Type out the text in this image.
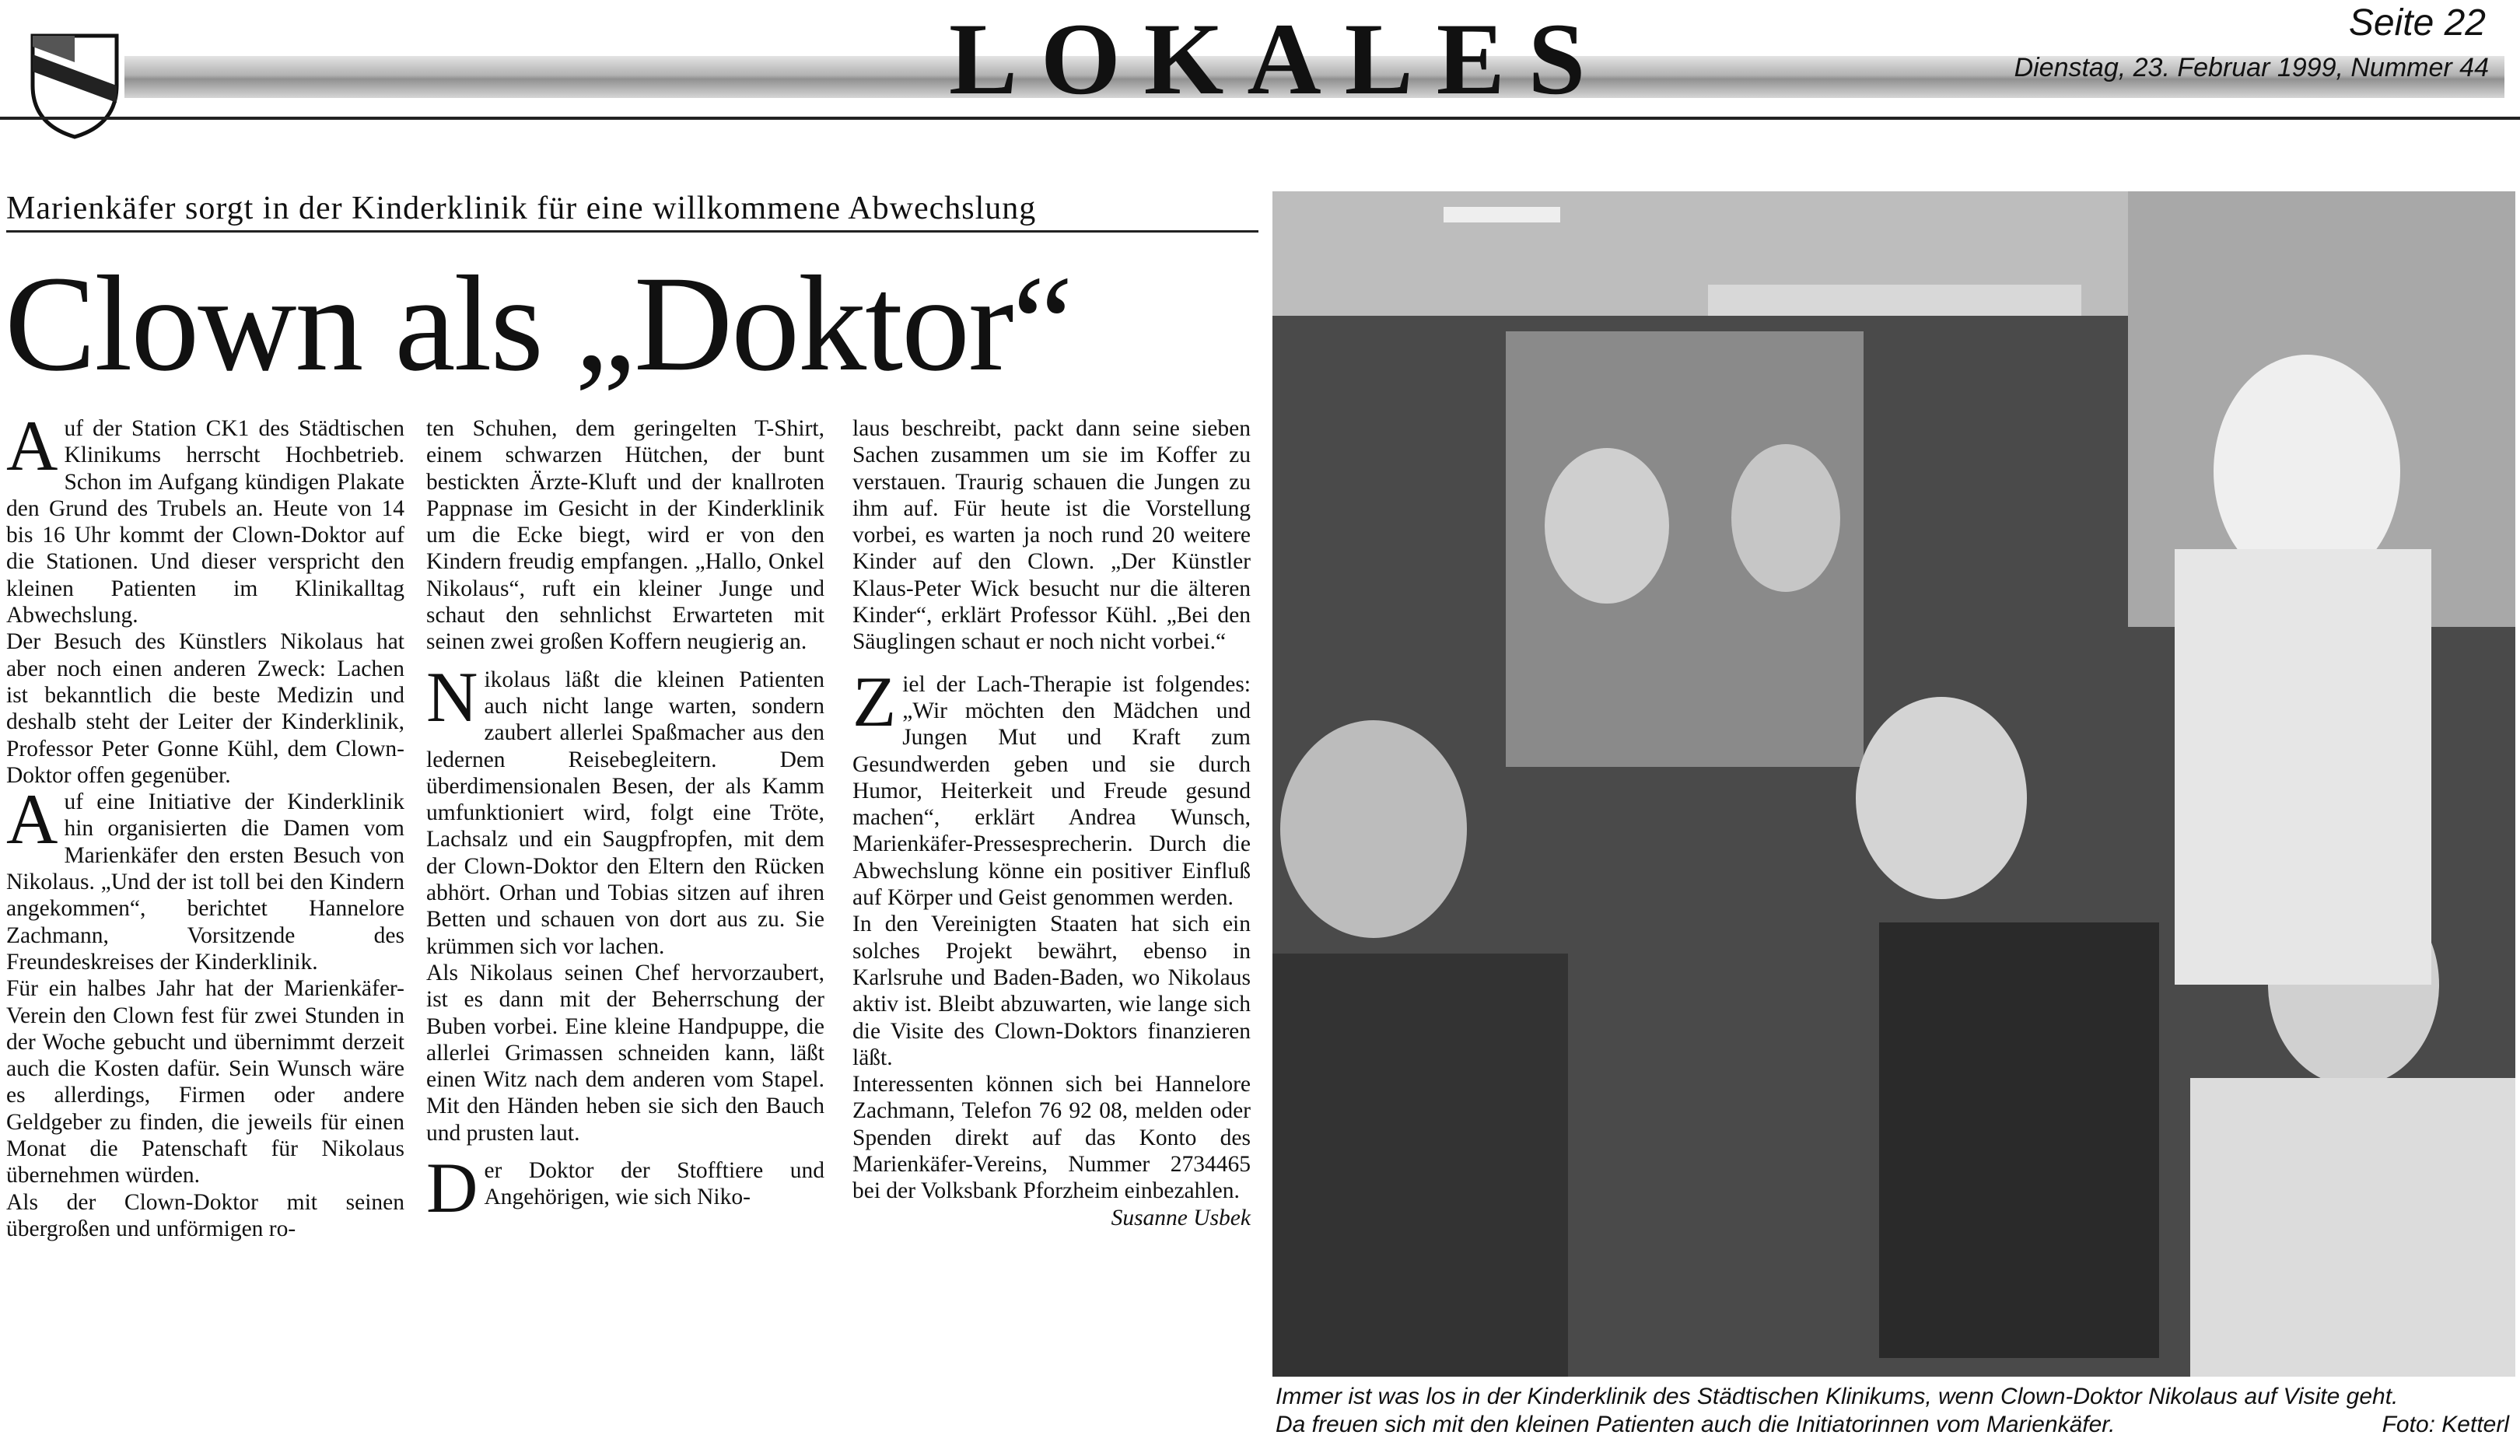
LOKALES	Seite 22
Dienstag, 23. Februar 1999, Nummer 44
Marienkäfer sorgt in der Kinderklinik für eine willkommene Abwechslung
Clown als „Doktor“

Auf der Station CK1 des Städtischen Klinikums herrscht Hochbetrieb. Schon im Aufgang kündigen Plakate den Grund des Trubels an. Heute von 14 bis 16 Uhr kommt der Clown-Doktor auf die Stationen. Und dieser verspricht den kleinen Patienten im Klinikalltag Abwechslung.

Der Besuch des Künstlers Nikolaus hat aber noch einen anderen Zweck: Lachen ist bekanntlich die beste Medizin und deshalb steht der Leiter der Kinderklinik, Professor Peter Gonne Kühl, dem Clown-Doktor offen gegenüber.

Auf eine Initiative der Kinderklinik hin organisierten die Damen vom Marienkäfer den ersten Besuch von Nikolaus. „Und der ist toll bei den Kindern angekommen“, berichtet Hannelore Zachmann, Vorsitzende des Freundeskreises der Kinderklinik.

Für ein halbes Jahr hat der Marienkäfer-Verein den Clown fest für zwei Stunden in der Woche gebucht und übernimmt derzeit auch die Kosten dafür. Sein Wunsch wäre es allerdings, Firmen oder andere Geldgeber zu finden, die jeweils für einen Monat die Patenschaft für Nikolaus übernehmen würden.

Als der Clown-Doktor mit seinen übergroßen und unförmigen ro-

ten Schuhen, dem geringelten T-Shirt, einem schwarzen Hütchen, der bunt bestickten Ärzte-Kluft und der knallroten Pappnase im Gesicht in der Kinderklinik um die Ecke biegt, wird er von den Kindern freudig empfangen. „Hallo, Onkel Nikolaus“, ruft ein kleiner Junge und schaut den sehnlichst Erwarteten mit seinen zwei großen Koffern neugierig an.

Nikolaus läßt die kleinen Patienten auch nicht lange warten, sondern zaubert allerlei Spaßmacher aus den ledernen Reisebegleitern. Dem überdimensionalen Besen, der als Kamm umfunktioniert wird, folgt eine Tröte, Lachsalz und ein Saugpfropfen, mit dem der Clown-Doktor den Eltern den Rücken abhört. Orhan und Tobias sitzen auf ihren Betten und schauen von dort aus zu. Sie krümmen sich vor lachen.

Als Nikolaus seinen Chef hervorzaubert, ist es dann mit der Beherrschung der Buben vorbei. Eine kleine Handpuppe, die allerlei Grimassen schneiden kann, läßt einen Witz nach dem anderen vom Stapel. Mit den Händen heben sie sich den Bauch und prusten laut.

Der Doktor der Stofftiere und Angehörigen, wie sich Niko-

laus beschreibt, packt dann seine sieben Sachen zusammen um sie im Koffer zu verstauen. Traurig schauen die Jungen zu ihm auf. Für heute ist die Vorstellung vorbei, es warten ja noch rund 20 weitere Kinder auf den Clown. „Der Künstler Klaus-Peter Wick besucht nur die älteren Kinder“, erklärt Professor Kühl. „Bei den Säuglingen schaut er noch nicht vorbei.“

Ziel der Lach-Therapie ist folgendes: „Wir möchten den Mädchen und Jungen Mut und Kraft zum Gesundwerden geben und sie durch Humor, Heiterkeit und Freude gesund machen“, erklärt Andrea Wunsch, Marienkäfer-Pressesprecherin. Durch die Abwechslung könne ein positiver Einfluß auf Körper und Geist genommen werden.

In den Vereinigten Staaten hat sich ein solches Projekt bewährt, ebenso in Karlsruhe und Baden-Baden, wo Nikolaus aktiv ist. Bleibt abzuwarten, wie lange sich die Visite des Clown-Doktors finanzieren läßt.

Interessenten können sich bei Hannelore Zachmann, Telefon 76 92 08, melden oder Spenden direkt auf das Konto des Marienkäfer-Vereins, Nummer 2734465 bei der Volksbank Pforzheim einbezahlen.

Susanne Usbek

Immer ist was los in der Kinderklinik des Städtischen Klinikums, wenn Clown-Doktor Nikolaus auf Visite geht.
Da freuen sich mit den kleinen Patienten auch die Initiatorinnen vom Marienkäfer.	Foto: Ketterl
